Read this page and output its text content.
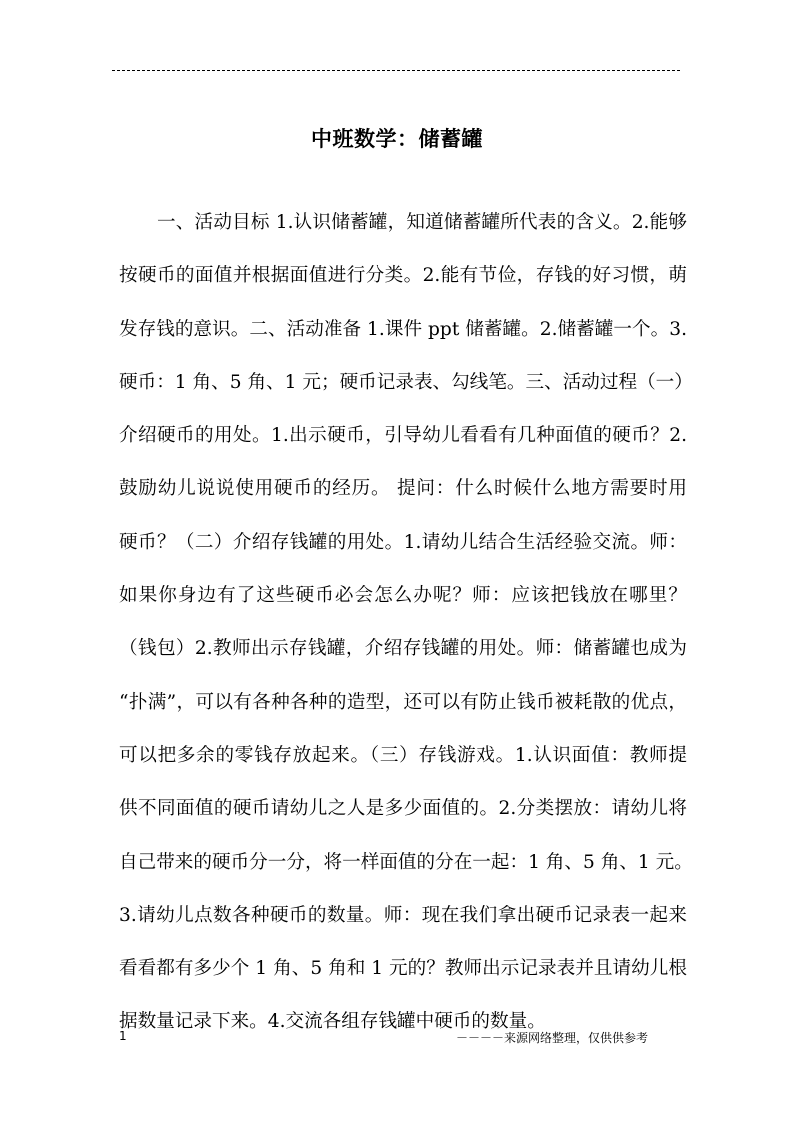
中班数学：储蓄罐
一、活动目标 1.认识储蓄罐，知道储蓄罐所代表的含义。2.能够
按硬币的面值并根据面值进行分类。2.能有节俭，存钱的好习惯，萌
发存钱的意识。二、活动准备 1.课件 ppt 储蓄罐。2.储蓄罐一个。3.
硬币：1 角、5 角、1 元；硬币记录表、勾线笔。三、活动过程（一）
介绍硬币的用处。1.出示硬币，引导幼儿看看有几种面值的硬币？2.
鼓励幼儿说说使用硬币的经历。 提问：什么时候什么地方需要时用
硬币？（二）介绍存钱罐的用处。1.请幼儿结合生活经验交流。师：
如果你身边有了这些硬币必会怎么办呢？师：应该把钱放在哪里？
（钱包）2.教师出示存钱罐，介绍存钱罐的用处。师：储蓄罐也成为
“扑满”，可以有各种各种的造型，还可以有防止钱币被耗散的优点，
可以把多余的零钱存放起来。（三）存钱游戏。1.认识面值：教师提
供不同面值的硬币请幼儿之人是多少面值的。2.分类摆放：请幼儿将
自己带来的硬币分一分，将一样面值的分在一起：1 角、5 角、1 元。
3.请幼儿点数各种硬币的数量。师：现在我们拿出硬币记录表一起来
看看都有多少个 1 角、5 角和 1 元的？教师出示记录表并且请幼儿根
据数量记录下来。4.交流各组存钱罐中硬币的数量。
1	－－－－来源网络整理，仅供供参考
